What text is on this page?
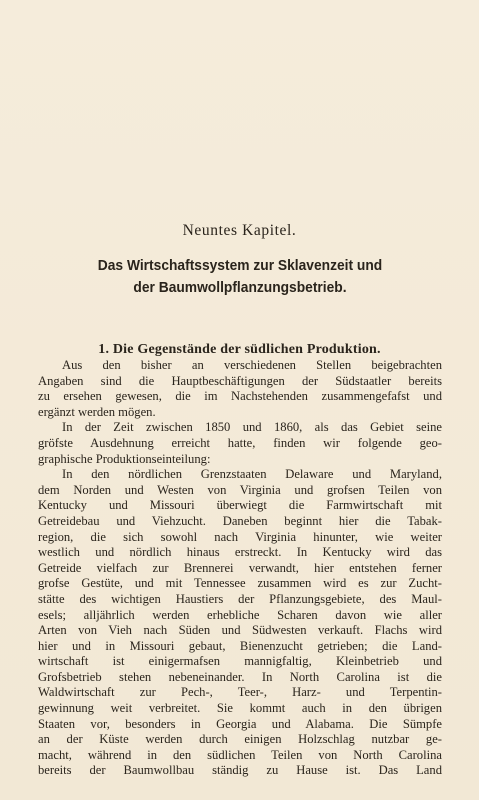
Neuntes Kapitel.
Das Wirtschaftssystem zur Sklavenzeit und
der Baumwollpflanzungsbetrieb.
1. Die Gegenstände der südlichen Produktion.
Aus den bisher an verschiedenen Stellen beigebrachten
Angaben sind die Hauptbeschäftigungen der Südstaatler bereits
zu ersehen gewesen, die im Nachstehenden zusammengefafst und
ergänzt werden mögen.
In der Zeit zwischen 1850 und 1860, als das Gebiet seine
gröfste Ausdehnung erreicht hatte, finden wir folgende geo-
graphische Produktionseinteilung:
In den nördlichen Grenzstaaten Delaware und Maryland,
dem Norden und Westen von Virginia und grofsen Teilen von
Kentucky und Missouri überwiegt die Farmwirtschaft mit
Getreidebau und Viehzucht. Daneben beginnt hier die Tabak-
region, die sich sowohl nach Virginia hinunter, wie weiter
westlich und nördlich hinaus erstreckt. In Kentucky wird das
Getreide vielfach zur Brennerei verwandt, hier entstehen ferner
grofse Gestüte, und mit Tennessee zusammen wird es zur Zucht-
stätte des wichtigen Haustiers der Pflanzungsgebiete, des Maul-
esels; alljährlich werden erhebliche Scharen davon wie aller
Arten von Vieh nach Süden und Südwesten verkauft. Flachs wird
hier und in Missouri gebaut, Bienenzucht getrieben; die Land-
wirtschaft ist einigermafsen mannigfaltig, Kleinbetrieb und
Grofsbetrieb stehen nebeneinander. In North Carolina ist die
Waldwirtschaft zur Pech-, Teer-, Harz- und Terpentin-
gewinnung weit verbreitet. Sie kommt auch in den übrigen
Staaten vor, besonders in Georgia und Alabama. Die Sümpfe
an der Küste werden durch einigen Holzschlag nutzbar ge-
macht, während in den südlichen Teilen von North Carolina
bereits der Baumwollbau ständig zu Hause ist. Das Land
